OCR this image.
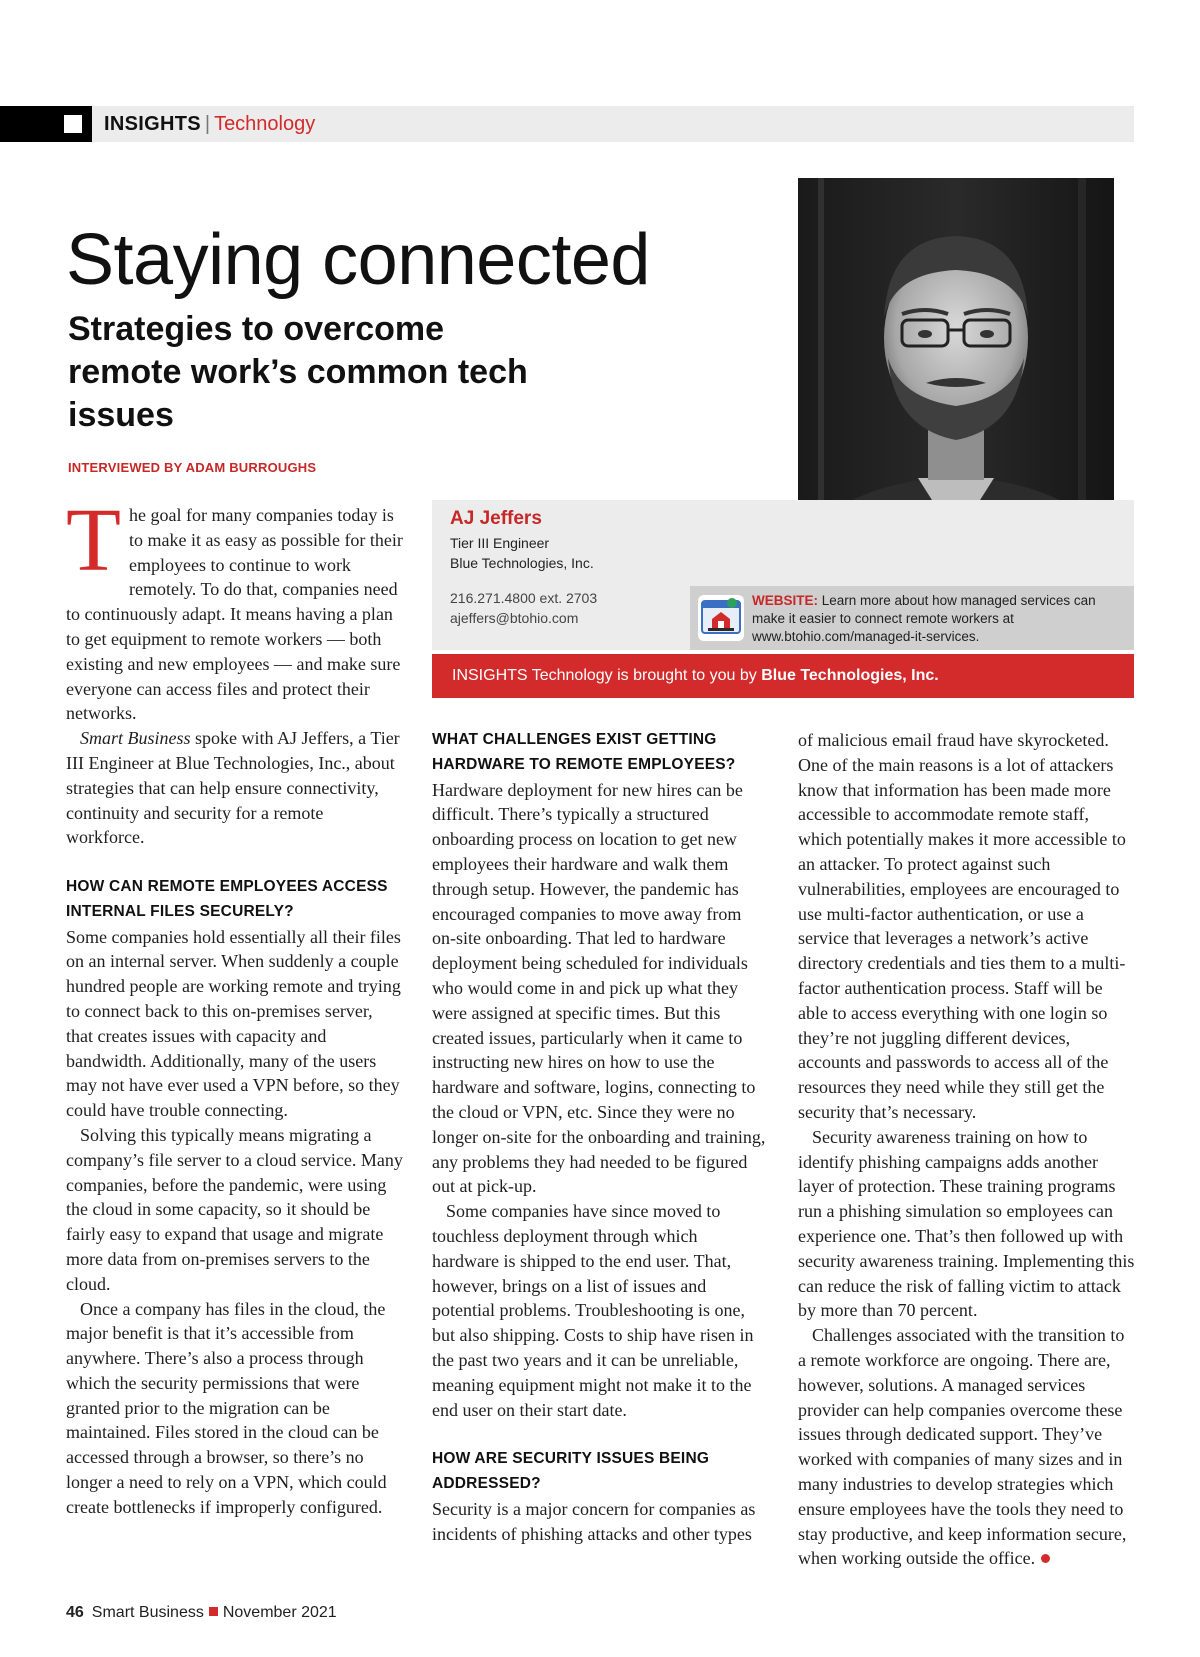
INSIGHTS | Technology
Staying connected
Strategies to overcome remote work’s common tech issues
INTERVIEWED BY ADAM BURROUGHS
AJ Jeffers
Tier III Engineer
Blue Technologies, Inc.
216.271.4800 ext. 2703
ajeffers@btohio.com
WEBSITE: Learn more about how managed services can make it easier to connect remote workers at www.btohio.com/managed-it-services.
INSIGHTS Technology is brought to you by Blue Technologies, Inc.
T he goal for many companies today is to make it as easy as possible for their employees to continue to work remotely. To do that, companies need to continuously adapt. It means having a plan to get equipment to remote workers — both existing and new employees — and make sure everyone can access files and protect their networks.

Smart Business spoke with AJ Jeffers, a Tier III Engineer at Blue Technologies, Inc., about strategies that can help ensure connectivity, continuity and security for a remote workforce.

HOW CAN REMOTE EMPLOYEES ACCESS INTERNAL FILES SECURELY?

Some companies hold essentially all their files on an internal server. When suddenly a couple hundred people are working remote and trying to connect back to this on-premises server, that creates issues with capacity and bandwidth. Additionally, many of the users may not have ever used a VPN before, so they could have trouble connecting.

Solving this typically means migrating a company’s file server to a cloud service. Many companies, before the pandemic, were using the cloud in some capacity, so it should be fairly easy to expand that usage and migrate more data from on-premises servers to the cloud.

Once a company has files in the cloud, the major benefit is that it’s accessible from anywhere. There’s also a process through which the security permissions that were granted prior to the migration can be maintained. Files stored in the cloud can be accessed through a browser, so there’s no longer a need to rely on a VPN, which could create bottlenecks if improperly configured.

WHAT CHALLENGES EXIST GETTING HARDWARE TO REMOTE EMPLOYEES?

Hardware deployment for new hires can be difficult. There’s typically a structured onboarding process on location to get new employees their hardware and walk them through setup. However, the pandemic has encouraged companies to move away from on-site onboarding. That led to hardware deployment being scheduled for individuals who would come in and pick up what they were assigned at specific times. But this created issues, particularly when it came to instructing new hires on how to use the hardware and software, logins, connecting to the cloud or VPN, etc. Since they were no longer on-site for the onboarding and training, any problems they had needed to be figured out at pick-up.

Some companies have since moved to touchless deployment through which hardware is shipped to the end user. That, however, brings on a list of issues and potential problems. Troubleshooting is one, but also shipping. Costs to ship have risen in the past two years and it can be unreliable, meaning equipment might not make it to the end user on their start date.

HOW ARE SECURITY ISSUES BEING ADDRESSED?

Security is a major concern for companies as incidents of phishing attacks and other types

of malicious email fraud have skyrocketed. One of the main reasons is a lot of attackers know that information has been made more accessible to accommodate remote staff, which potentially makes it more accessible to an attacker. To protect against such vulnerabilities, employees are encouraged to use multi-factor authentication, or use a service that leverages a network’s active directory credentials and ties them to a multi-factor authentication process. Staff will be able to access everything with one login so they’re not juggling different devices, accounts and passwords to access all of the resources they need while they still get the security that’s necessary.

Security awareness training on how to identify phishing campaigns adds another layer of protection. These training programs run a phishing simulation so employees can experience one. That’s then followed up with security awareness training. Implementing this can reduce the risk of falling victim to attack by more than 70 percent.

Challenges associated with the transition to a remote workforce are ongoing. There are, however, solutions. A managed services provider can help companies overcome these issues through dedicated support. They’ve worked with companies of many sizes and in many industries to develop strategies which ensure employees have the tools they need to stay productive, and keep information secure, when working outside the office.

46 Smart Business November 2021
